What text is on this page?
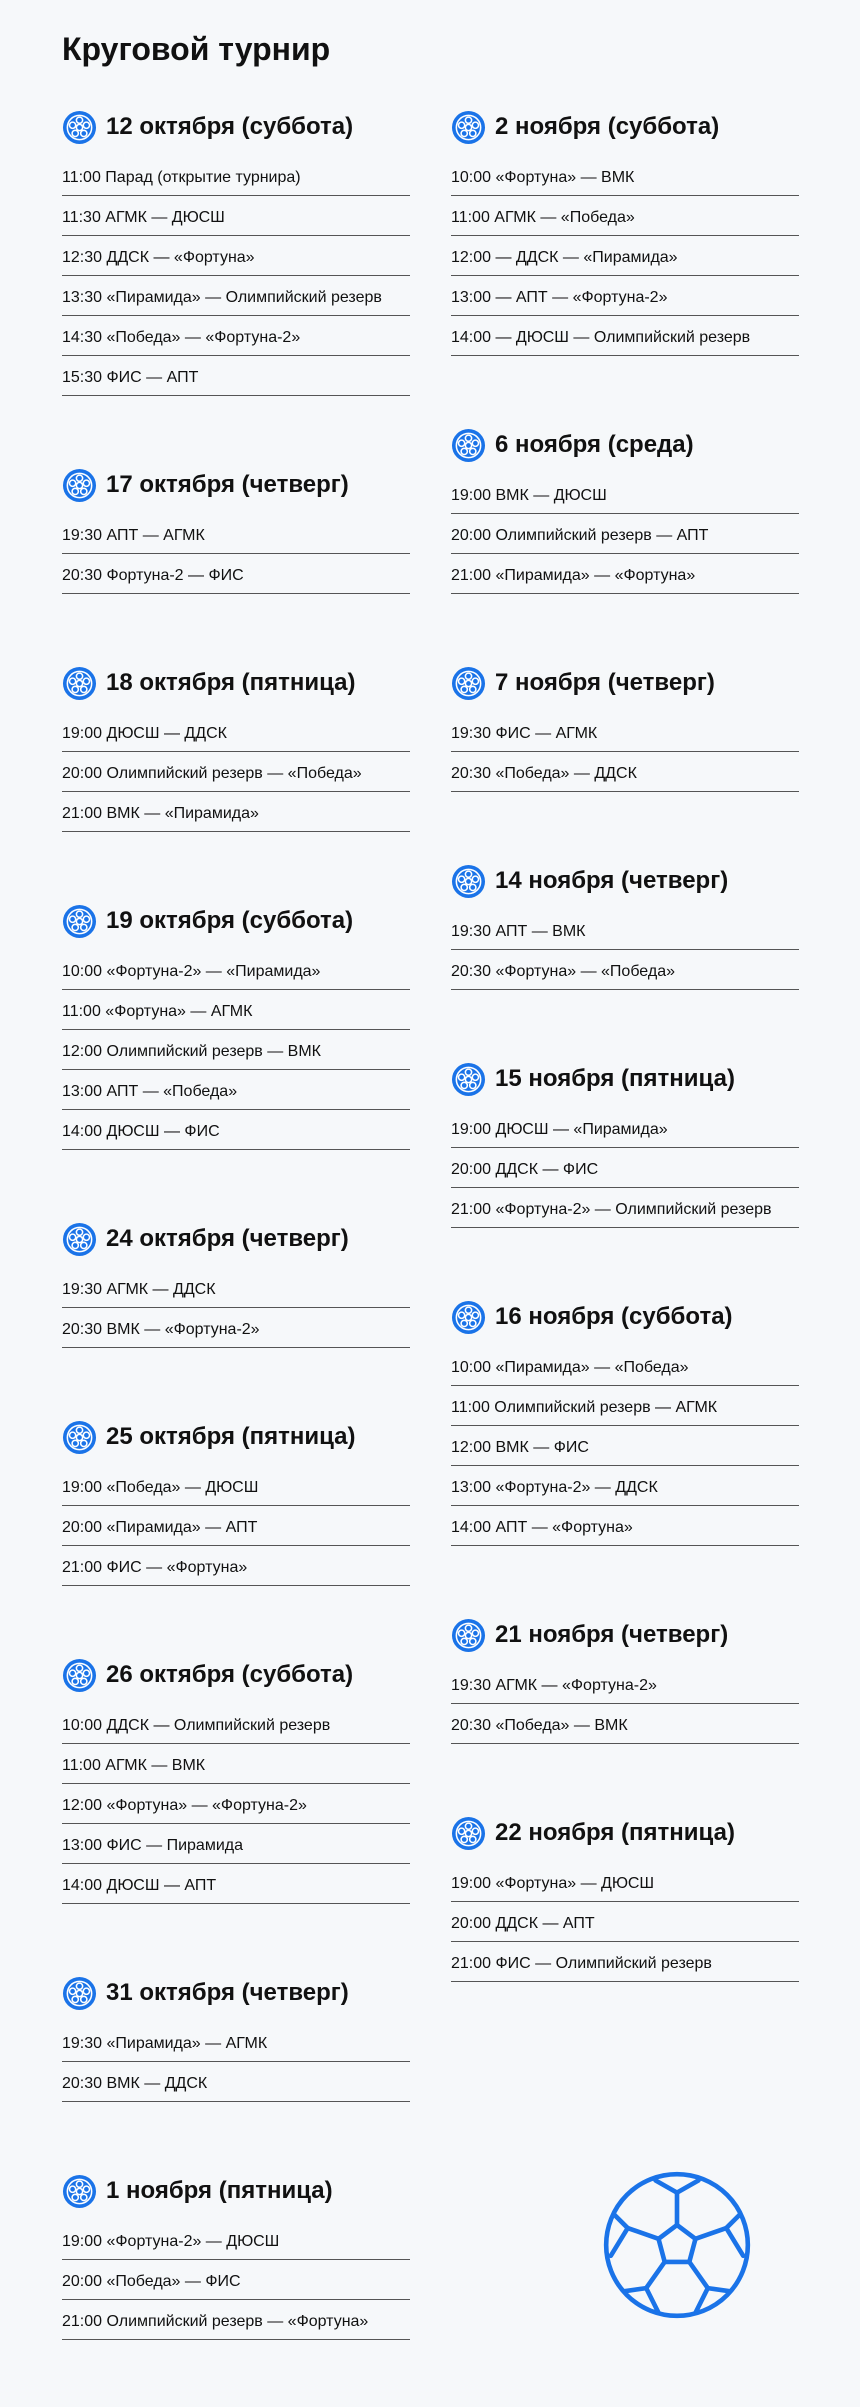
Круговой турнир
12 октября (суббота)
11:00 Парад (открытие турнира)
11:30 АГМК — ДЮСШ
12:30 ДДСК — «Фортуна»
13:30 «Пирамида» — Олимпийский резерв
14:30 «Победа» — «Фортуна-2»
15:30 ФИС — АПТ
17 октября (четверг)
19:30 АПТ — АГМК
20:30 Фортуна-2 — ФИС
18 октября (пятница)
19:00 ДЮСШ — ДДСК
20:00 Олимпийский резерв — «Победа»
21:00 ВМК — «Пирамида»
19 октября (суббота)
10:00 «Фортуна-2» — «Пирамида»
11:00 «Фортуна» — АГМК
12:00 Олимпийский резерв — ВМК
13:00 АПТ — «Победа»
14:00 ДЮСШ — ФИС
24 октября (четверг)
19:30 АГМК — ДДСК
20:30 ВМК — «Фортуна-2»
25 октября (пятница)
19:00 «Победа» — ДЮСШ
20:00 «Пирамида» — АПТ
21:00 ФИС — «Фортуна»
26 октября (суббота)
10:00 ДДСК — Олимпийский резерв
11:00 АГМК — ВМК
12:00 «Фортуна» — «Фортуна-2»
13:00 ФИС — Пирамида
14:00 ДЮСШ — АПТ
31 октября (четверг)
19:30 «Пирамида» — АГМК
20:30 ВМК — ДДСК
1 ноября (пятница)
19:00 «Фортуна-2» — ДЮСШ
20:00 «Победа» — ФИС
21:00 Олимпийский резерв — «Фортуна»
2 ноября (суббота)
10:00 «Фортуна» — ВМК
11:00 АГМК — «Победа»
12:00 — ДДСК — «Пирамида»
13:00 — АПТ — «Фортуна-2»
14:00 — ДЮСШ — Олимпийский резерв
6 ноября (среда)
19:00 ВМК — ДЮСШ
20:00 Олимпийский резерв — АПТ
21:00 «Пирамида» — «Фортуна»
7 ноября (четверг)
19:30 ФИС — АГМК
20:30 «Победа» — ДДСК
14 ноября (четверг)
19:30 АПТ — ВМК
20:30 «Фортуна» — «Победа»
15 ноября (пятница)
19:00 ДЮСШ — «Пирамида»
20:00 ДДСК — ФИС
21:00 «Фортуна-2» — Олимпийский резерв
16 ноября (суббота)
10:00 «Пирамида» — «Победа»
11:00 Олимпийский резерв — АГМК
12:00 ВМК — ФИС
13:00 «Фортуна-2» — ДДСК
14:00 АПТ — «Фортуна»
21 ноября (четверг)
19:30 АГМК — «Фортуна-2»
20:30 «Победа» — ВМК
22 ноября (пятница)
19:00 «Фортуна» — ДЮСШ
20:00 ДДСК — АПТ
21:00 ФИС — Олимпийский резерв
